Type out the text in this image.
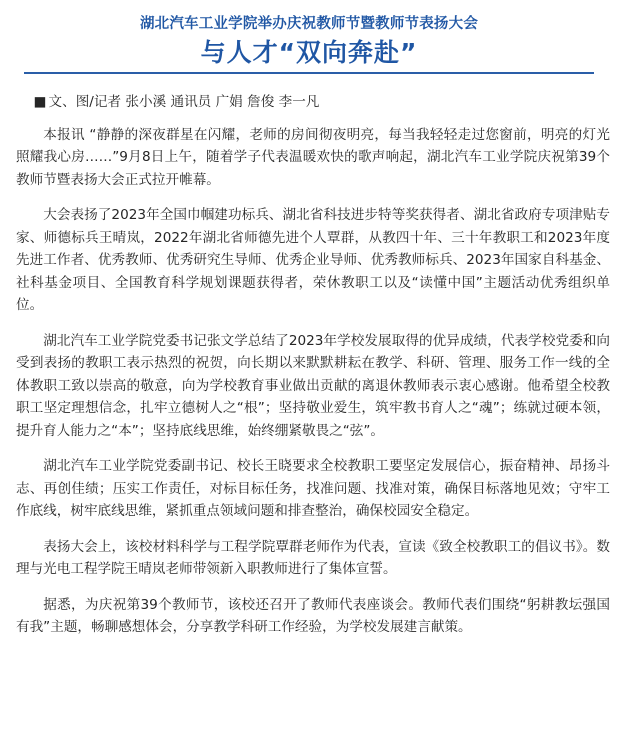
湖北汽车工业学院举办庆祝教师节暨教师节表扬大会
与人才“双向奔赴”

■ 文、图/记者 张小溪 通讯员 广娟 詹俊 李一凡

本报讯 “静静的深夜群星在闪耀，老师的房间彻夜明亮，每当我轻轻走过您窗前，明亮的灯光照耀我心房……”9月8日上午，随着学子代表温暖欢快的歌声响起，湖北汽车工业学院庆祝第39个教师节暨表扬大会正式拉开帷幕。

大会表扬了2023年全国巾帼建功标兵、湖北省科技进步特等奖获得者、湖北省政府专项津贴专家、师德标兵王晴岚，2022年湖北省师德先进个人覃群，从教四十年、三十年教职工和2023年度先进工作者、优秀教师、优秀研究生导师、优秀企业导师、优秀教师标兵、2023年国家自科基金、社科基金项目、全国教育科学规划课题获得者，荣休教职工以及“读懂中国”主题活动优秀组织单位。

湖北汽车工业学院党委书记张文学总结了2023年学校发展取得的优异成绩，代表学校党委和向受到表扬的教职工表示热烈的祝贺，向长期以来默默耕耘在教学、科研、管理、服务工作一线的全体教职工致以崇高的敬意，向为学校教育事业做出贡献的离退休教师表示衷心感谢。他希望全校教职工坚定理想信念，扎牢立德树人之“根”；坚持敬业爱生，筑牢教书育人之“魂”；练就过硬本领，提升育人能力之“本”；坚持底线思维，始终绷紧敬畏之“弦”。

湖北汽车工业学院党委副书记、校长王晓要求全校教职工要坚定发展信心，振奋精神、昂扬斗志、再创佳绩；压实工作责任，对标目标任务，找准问题、找准对策，确保目标落地见效；守牢工作底线，树牢底线思维，紧抓重点领域问题和排查整治，确保校园安全稳定。

表扬大会上，该校材料科学与工程学院覃群老师作为代表，宣读《致全校教职工的倡议书》。数理与光电工程学院王晴岚老师带领新入职教师进行了集体宣誓。

据悉，为庆祝第39个教师节，该校还召开了教师代表座谈会。教师代表们围绕“躬耕教坛强国有我”主题，畅聊感想体会，分享教学科研工作经验，为学校发展建言献策。
